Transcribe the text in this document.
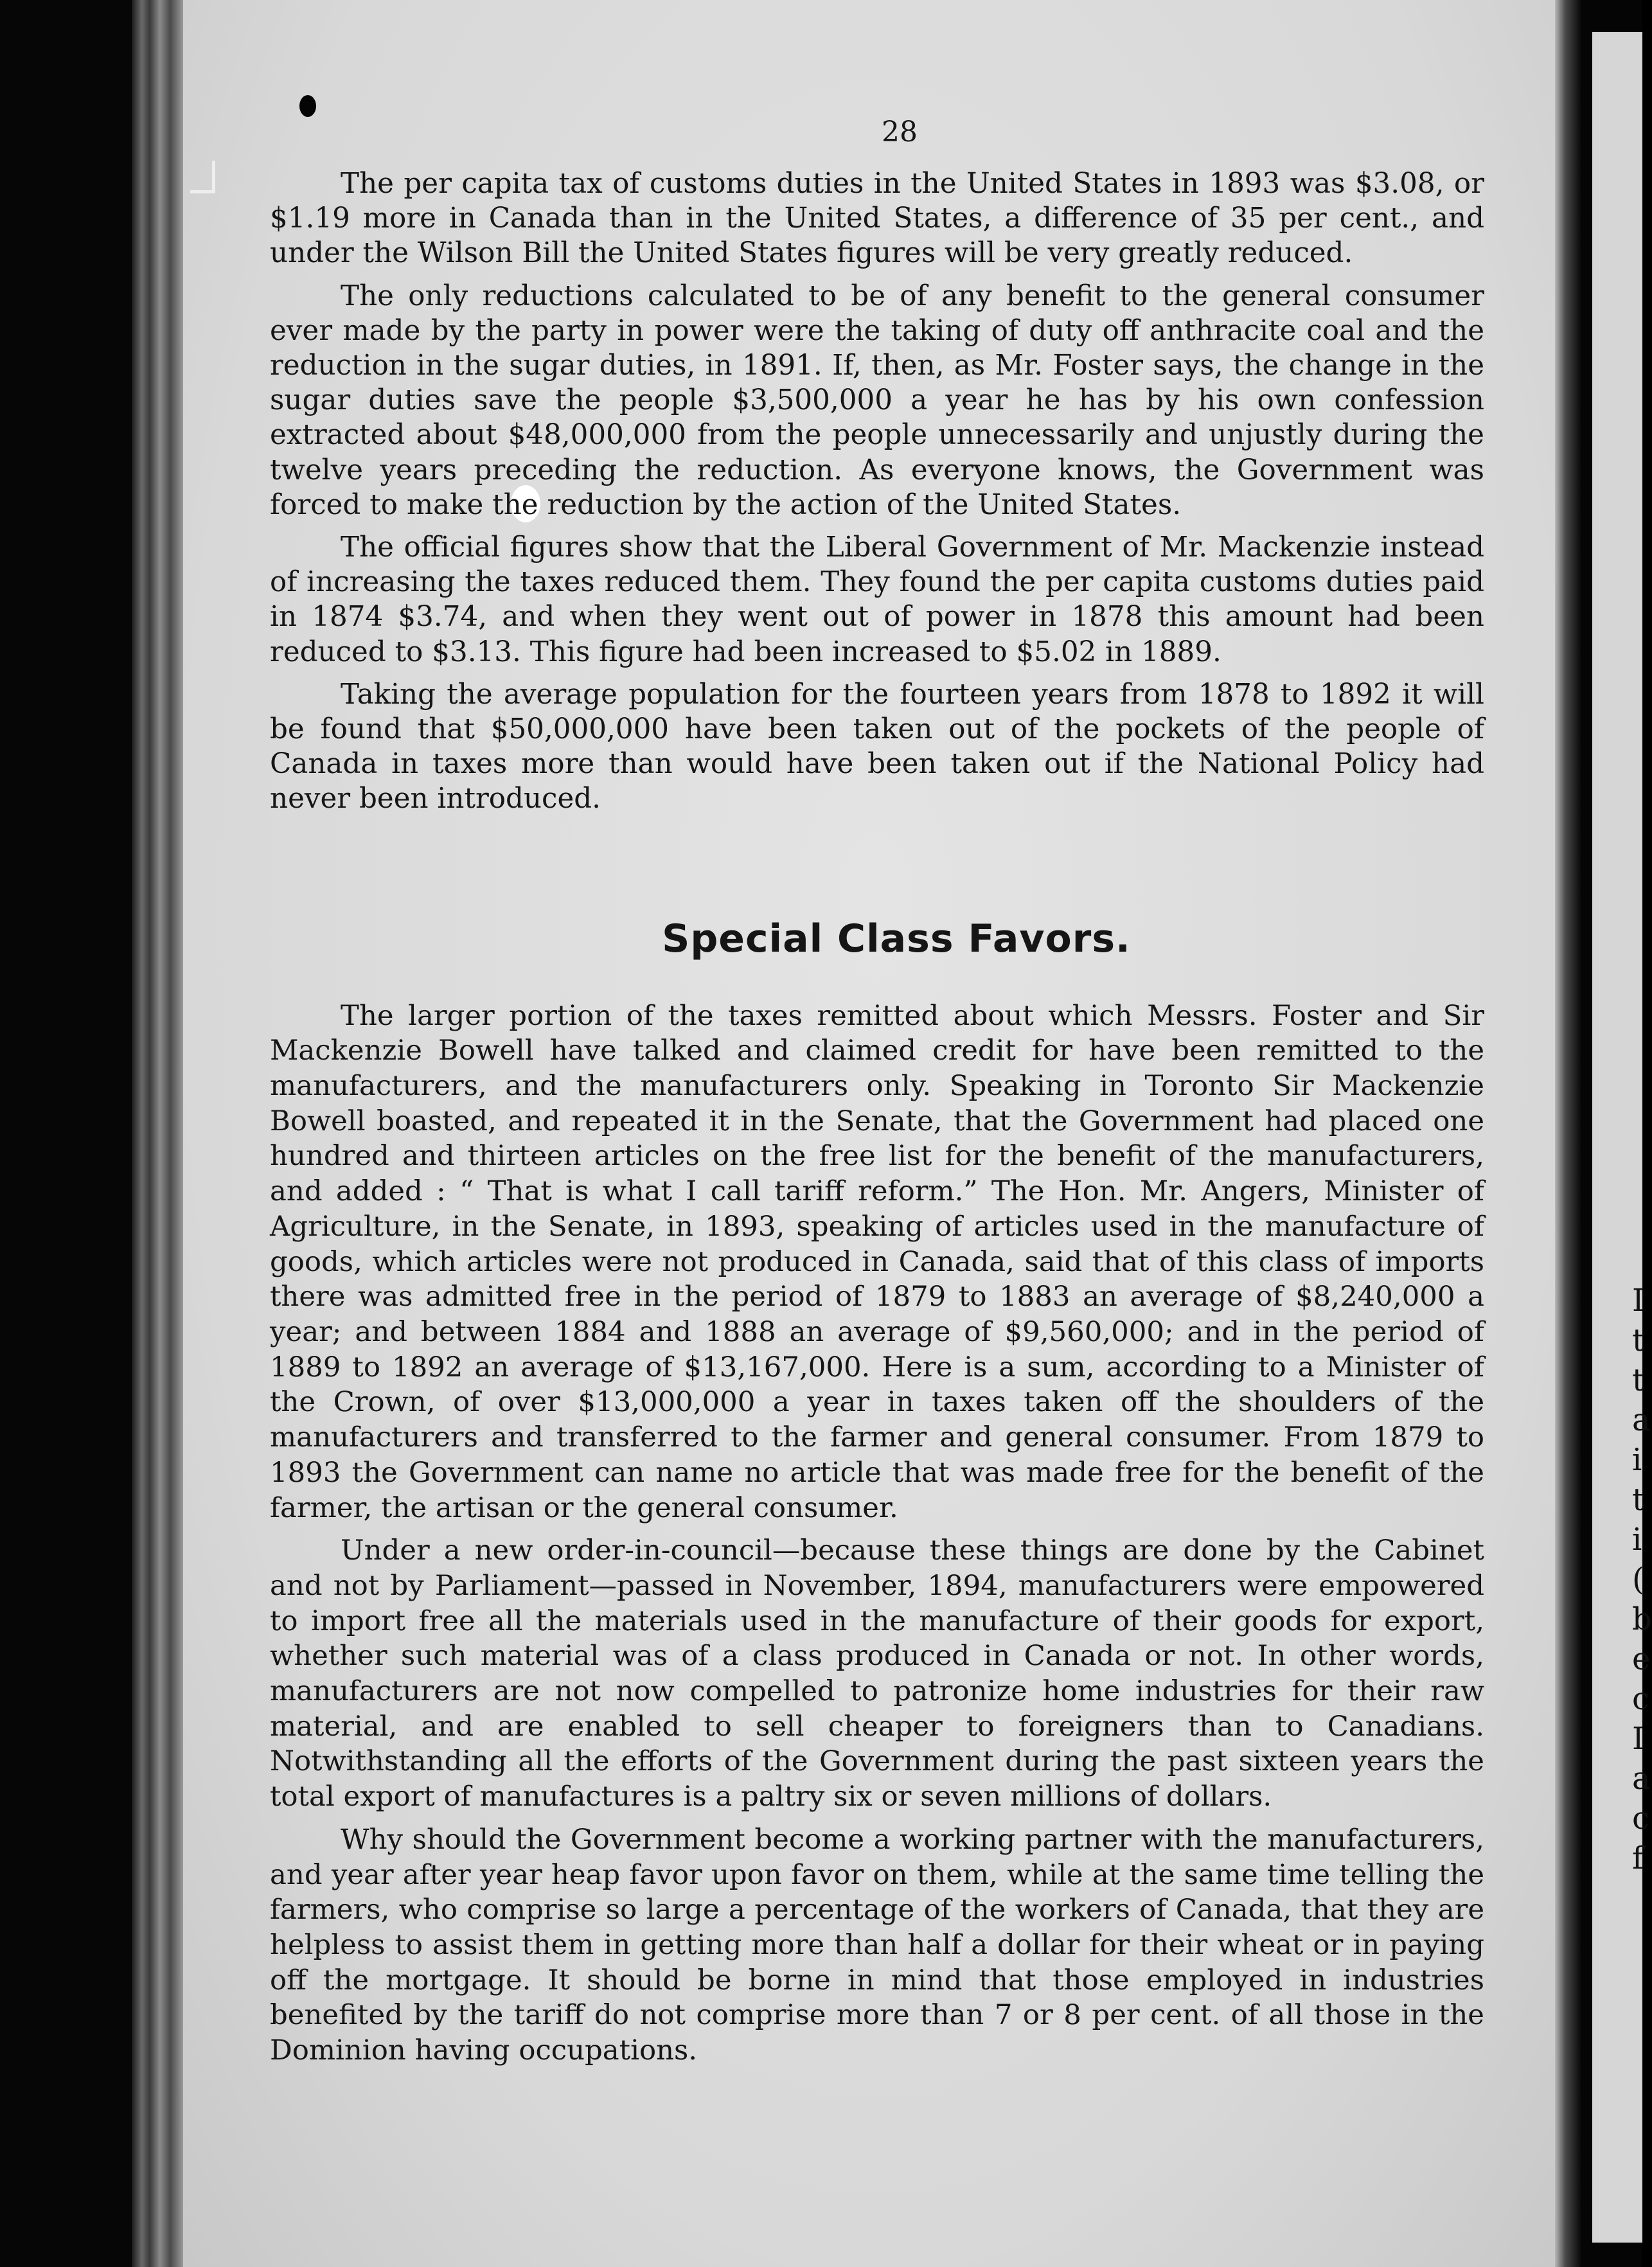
I
t
t
a
i
t
i
(
b
e
c
I
a
c
f
28

The per capita tax of customs duties in the United States in 1893 was $3.08, or $1.19 more in Canada than in the United States, a difference of 35 per cent., and under the Wilson Bill the United States figures will be very greatly reduced.

The only reductions calculated to be of any benefit to the general consumer ever made by the party in power were the taking of duty off anthracite coal and the reduction in the sugar duties, in 1891. If, then, as Mr. Foster says, the change in the sugar duties save the people $3,500,000 a year he has by his own confession extracted about $48,000,000 from the people unnecessarily and unjustly during the twelve years preceding the reduction. As everyone knows, the Government was forced to make the reduction by the action of the United States.

The official figures show that the Liberal Government of Mr. Mackenzie instead of increasing the taxes reduced them. They found the per capita customs duties paid in 1874 $3.74, and when they went out of power in 1878 this amount had been reduced to $3.13. This figure had been increased to $5.02 in 1889.

Taking the average population for the fourteen years from 1878 to 1892 it will be found that $50,000,000 have been taken out of the pockets of the people of Canada in taxes more than would have been taken out if the National Policy had never been introduced.

Special Class Favors.

The larger portion of the taxes remitted about which Messrs. Foster and Sir Mackenzie Bowell have talked and claimed credit for have been remitted to the manufacturers, and the manufacturers only. Speaking in Toronto Sir Mackenzie Bowell boasted, and repeated it in the Senate, that the Government had placed one hundred and thirteen articles on the free list for the benefit of the manufacturers, and added : “ That is what I call tariff reform.” The Hon. Mr. Angers, Minister of Agriculture, in the Senate, in 1893, speaking of articles used in the manufacture of goods, which articles were not produced in Canada, said that of this class of imports there was admitted free in the period of 1879 to 1883 an average of $8,240,000 a year; and between 1884 and 1888 an average of $9,560,000; and in the period of 1889 to 1892 an average of $13,167,000. Here is a sum, according to a Minister of the Crown, of over $13,000,000 a year in taxes taken off the shoulders of the manufacturers and transferred to the farmer and general consumer. From 1879 to 1893 the Government can name no article that was made free for the benefit of the farmer, the artisan or the general consumer.

Under a new order-in-council—because these things are done by the Cabinet and not by Parliament—passed in November, 1894, manufacturers were empowered to import free all the materials used in the manufacture of their goods for export, whether such material was of a class produced in Canada or not. In other words, manufacturers are not now compelled to patronize home industries for their raw material, and are enabled to sell cheaper to foreigners than to Canadians. Notwithstanding all the efforts of the Government during the past sixteen years the total export of manufactures is a paltry six or seven millions of dollars.

Why should the Government become a working partner with the manufacturers, and year after year heap favor upon favor on them, while at the same time telling the farmers, who comprise so large a percentage of the workers of Canada, that they are helpless to assist them in getting more than half a dollar for their wheat or in paying off the mortgage. It should be borne in mind that those employed in industries benefited by the tariff do not comprise more than 7 or 8 per cent. of all those in the Dominion having occupations.
